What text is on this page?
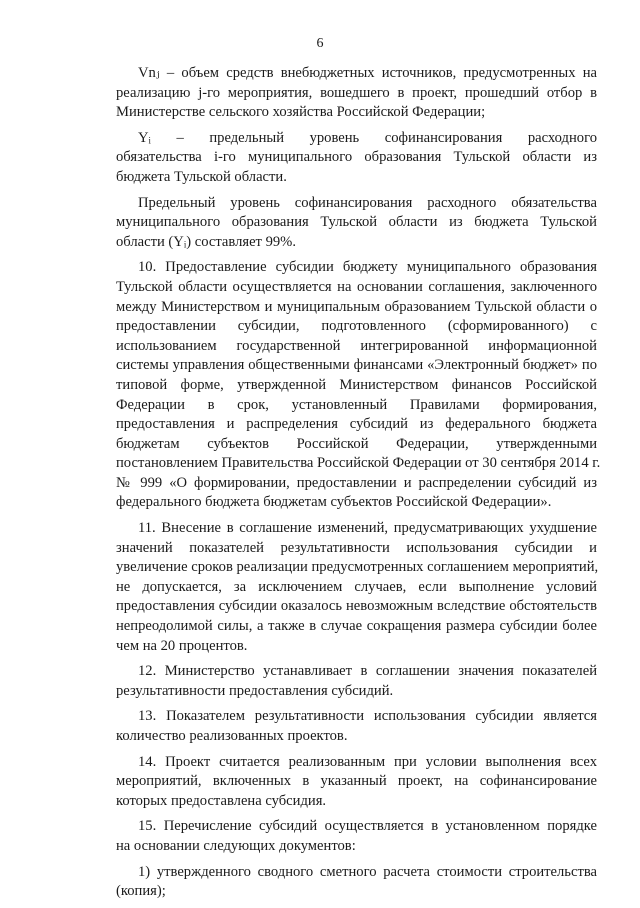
6
Vnⱼ – объем средств внебюджетных источников, предусмотренных на
реализацию j-го мероприятия, вошедшего в проект, прошедший отбор в
Министерстве сельского хозяйства Российской Федерации;
Yᵢ – предельный уровень софинансирования расходного
обязательства i-го муниципального образования Тульской области из
бюджета Тульской области.
Предельный уровень софинансирования расходного обязательства
муниципального образования Тульской области из бюджета Тульской
области (Yᵢ) составляет 99%.
10. Предоставление субсидии бюджету муниципального образования
Тульской области осуществляется на основании соглашения, заключенного
между Министерством и муниципальным образованием Тульской области о
предоставлении субсидии, подготовленного (сформированного) с
использованием государственной интегрированной информационной
системы управления общественными финансами «Электронный бюджет» по
типовой форме, утвержденной Министерством финансов Российской
Федерации в срок, установленный Правилами формирования,
предоставления и распределения субсидий из федерального бюджета
бюджетам субъектов Российской Федерации, утвержденными
постановлением Правительства Российской Федерации от 30 сентября 2014 г.
№ 999 «О формировании, предоставлении и распределении субсидий из
федерального бюджета бюджетам субъектов Российской Федерации».
11. Внесение в соглашение изменений, предусматривающих ухудшение
значений показателей результативности использования субсидии и
увеличение сроков реализации предусмотренных соглашением мероприятий,
не допускается, за исключением случаев, если выполнение условий
предоставления субсидии оказалось невозможным вследствие обстоятельств
непреодолимой силы, а также в случае сокращения размера субсидии более
чем на 20 процентов.
12. Министерство устанавливает в соглашении значения показателей
результативности предоставления субсидий.
13. Показателем результативности использования субсидии является
количество реализованных проектов.
14. Проект считается реализованным при условии выполнения всех
мероприятий, включенных в указанный проект, на софинансирование
которых предоставлена субсидия.
15. Перечисление субсидий осуществляется в установленном порядке
на основании следующих документов:
1) утвержденного сводного сметного расчета стоимости строительства
(копия);
